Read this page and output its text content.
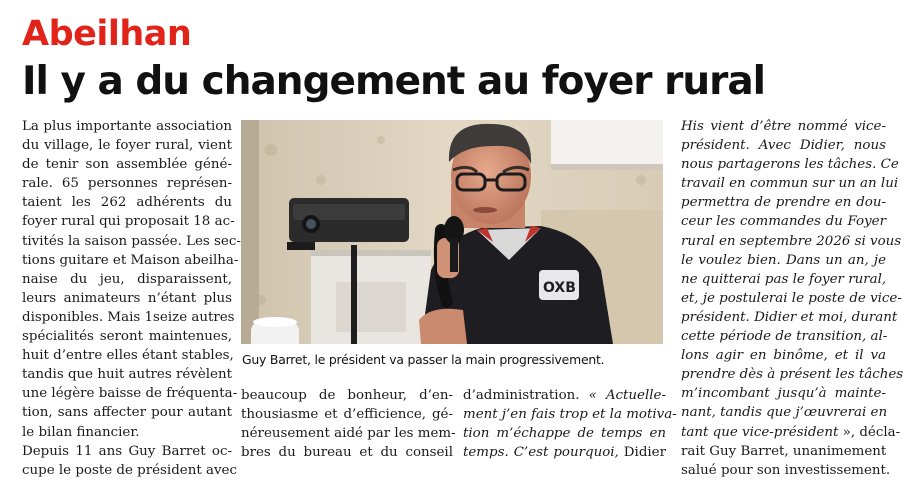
Abeilhan
Il y a du changement au foyer rural
La plus importante association
du village, le foyer rural, vient
de tenir son assemblée géné-
rale. 65 personnes représen-
taient les 262 adhérents du
foyer rural qui proposait 18 ac-
tivités la saison passée. Les sec-
tions guitare et Maison abeilha-
naise du jeu, disparaissent,
leurs animateurs n’étant plus
disponibles. Mais 1seize autres
spécialités seront maintenues,
huit d’entre elles étant stables,
tandis que huit autres révèlent
une légère baisse de fréquenta-
tion, sans affecter pour autant
le bilan financier.
Depuis 11 ans Guy Barret oc-
cupe le poste de président avec
OXB
Guy Barret, le président va passer la main progressivement.
beaucoup de bonheur, d’en-
thousiasme et d’efficience, gé-
néreusement aidé par les mem-
bres du bureau et du conseil
d’administration. « Actuelle-
ment j’en fais trop et la motiva-
tion m’échappe de temps en
temps. C’est pourquoi, Didier
His vient d’être nommé vice-
président. Avec Didier, nous
nous partagerons les tâches. Ce
travail en commun sur un an lui
permettra de prendre en dou-
ceur les commandes du Foyer
rural en septembre 2026 si vous
le voulez bien. Dans un an, je
ne quitterai pas le foyer rural,
et, je postulerai le poste de vice-
président. Didier et moi, durant
cette période de transition, al-
lons agir en binôme, et il va
prendre dès à présent les tâches
m’incombant jusqu’à mainte-
nant, tandis que j’œuvrerai en
tant que vice-président », décla-
rait Guy Barret, unanimement
salué pour son investissement.
